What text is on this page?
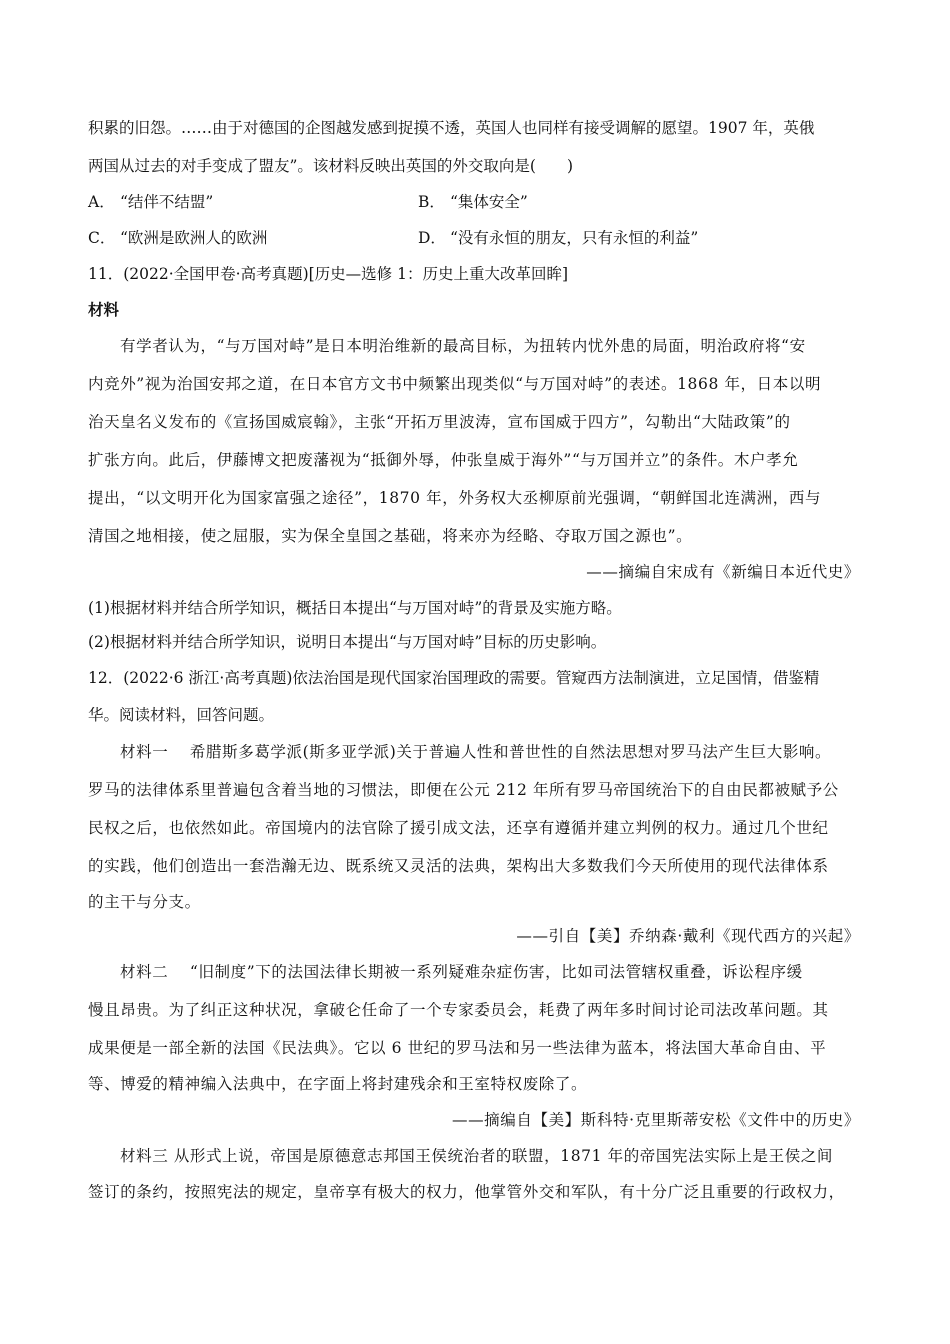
积累的旧怨。……由于对德国的企图越发感到捉摸不透，英国人也同样有接受调解的愿望。1907 年，英俄
两国从过去的对手变成了盟友”。该材料反映出英国的外交取向是(　　)
A． “结伴不结盟”	B． “集体安全”
C． “欧洲是欧洲人的欧洲	D． “没有永恒的朋友，只有永恒的利益”
11．(2022·全国甲卷·高考真题)[历史—选修 1：历史上重大改革回眸]
材料
有学者认为，“与万国对峙”是日本明治维新的最高目标，为扭转内忧外患的局面，明治政府将“安
内竞外”视为治国安邦之道，在日本官方文书中频繁出现类似“与万国对峙”的表述。1868 年，日本以明
治天皇名义发布的《宣扬国威宸翰》，主张“开拓万里波涛，宣布国威于四方”，勾勒出“大陆政策”的
扩张方向。此后，伊藤博文把废藩视为“抵御外辱，仲张皇威于海外”“与万国并立”的条件。木户孝允
提出，“以文明开化为国家富强之途径”，1870 年，外务权大丞柳原前光强调，“朝鲜国北连满洲，西与
清国之地相接，使之屈服，实为保全皇国之基础，将来亦为经略、夺取万国之源也”。
——摘编自宋成有《新编日本近代史》
(1)根据材料并结合所学知识，概括日本提出“与万国对峙”的背景及实施方略。
(2)根据材料并结合所学知识，说明日本提出“与万国对峙”目标的历史影响。
12．(2022·6 浙江·高考真题)依法治国是现代国家治国理政的需要。管窥西方法制演进，立足国情，借鉴精
华。阅读材料，回答问题。
材料一　 希腊斯多葛学派(斯多亚学派)关于普遍人性和普世性的自然法思想对罗马法产生巨大影响。
罗马的法律体系里普遍包含着当地的习惯法，即便在公元 212 年所有罗马帝国统治下的自由民都被赋予公
民权之后，也依然如此。帝国境内的法官除了援引成文法，还享有遵循并建立判例的权力。通过几个世纪
的实践，他们创造出一套浩瀚无边、既系统又灵活的法典，架构出大多数我们今天所使用的现代法律体系
的主干与分支。
——引自【美】乔纳森·戴利《现代西方的兴起》
材料二　 “旧制度”下的法国法律长期被一系列疑难杂症伤害，比如司法管辖权重叠，诉讼程序缓
慢且昂贵。为了纠正这种状况，拿破仑任命了一个专家委员会，耗费了两年多时间讨论司法改革问题。其
成果便是一部全新的法国《民法典》。它以 6 世纪的罗马法和另一些法律为蓝本，将法国大革命自由、平
等、博爱的精神编入法典中，在字面上将封建残余和王室特权废除了。
——摘编自【美】斯科特·克里斯蒂安松《文件中的历史》
材料三 从形式上说，帝国是原德意志邦国王侯统治者的联盟，1871 年的帝国宪法实际上是王侯之间
签订的条约，按照宪法的规定，皇帝享有极大的权力，他掌管外交和军队，有十分广泛且重要的行政权力，
